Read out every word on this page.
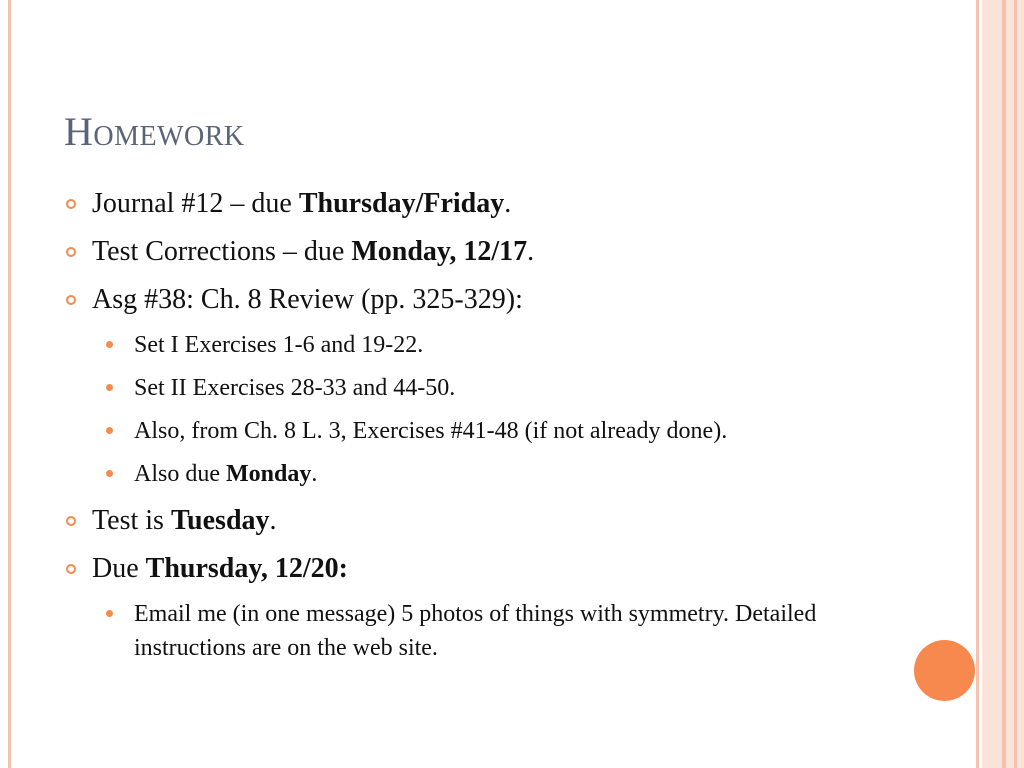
Homework
Journal #12 – due Thursday/Friday.
Test Corrections – due Monday, 12/17.
Asg #38: Ch. 8 Review (pp. 325-329):
Set I Exercises 1-6 and 19-22.
Set II Exercises 28-33 and 44-50.
Also, from Ch. 8 L. 3, Exercises #41-48 (if not already done).
Also due Monday.
Test is Tuesday.
Due Thursday, 12/20:
Email me (in one message) 5 photos of things with symmetry. Detailed instructions are on the web site.
